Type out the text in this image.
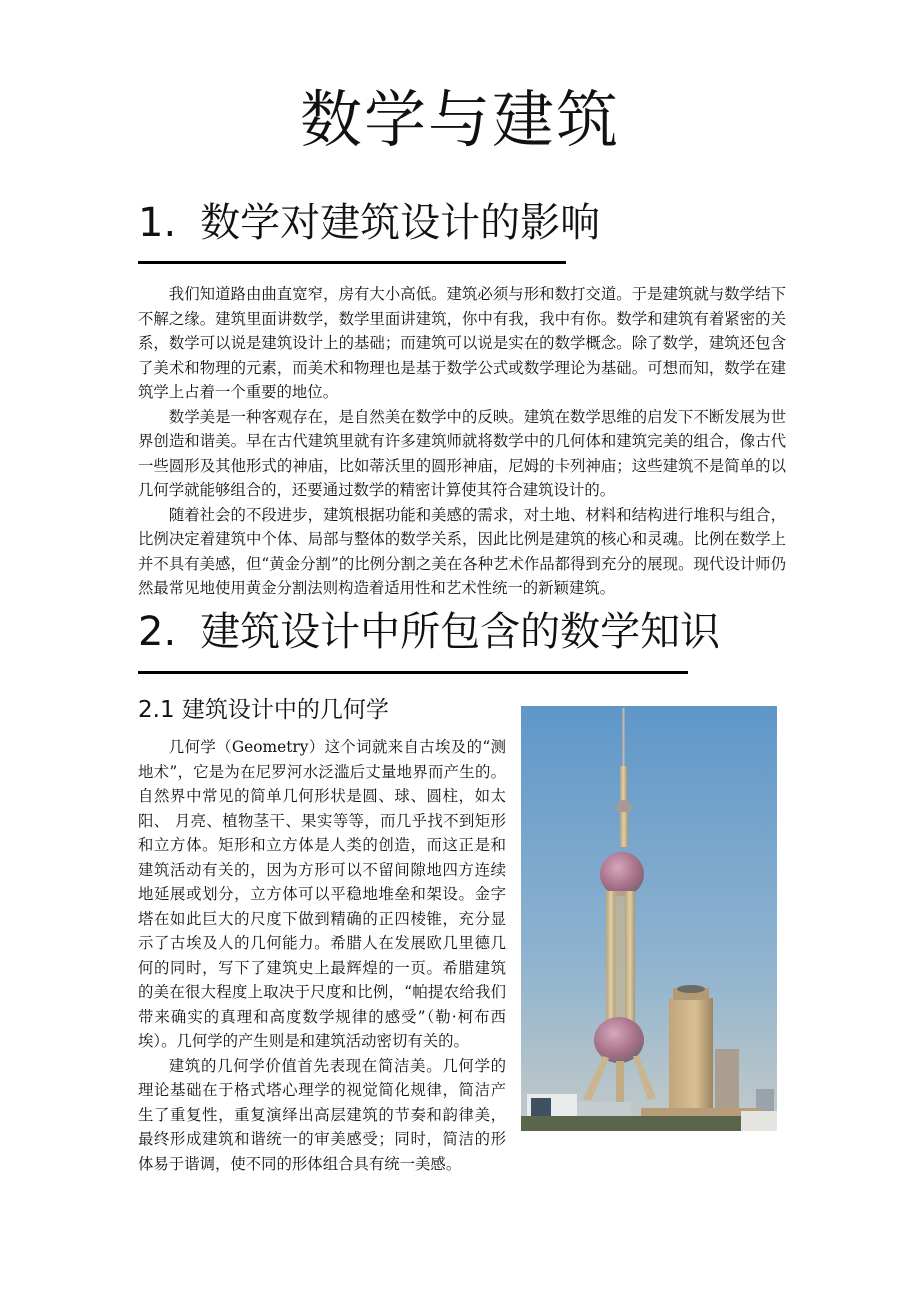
数学与建筑
1. 数学对建筑设计的影响

我们知道路由曲直宽窄，房有大小高低。建筑必须与形和数打交道。于是建筑就与数学结下不解之缘。建筑里面讲数学，数学里面讲建筑，你中有我，我中有你。数学和建筑有着紧密的关系，数学可以说是建筑设计上的基础；而建筑可以说是实在的数学概念。除了数学，建筑还包含了美术和物理的元素，而美术和物理也是基于数学公式或数学理论为基础。可想而知，数学在建筑学上占着一个重要的地位。

数学美是一种客观存在，是自然美在数学中的反映。建筑在数学思维的启发下不断发展为世界创造和谐美。早在古代建筑里就有许多建筑师就将数学中的几何体和建筑完美的组合，像古代一些圆形及其他形式的神庙，比如蒂沃里的圆形神庙，尼姆的卡列神庙；这些建筑不是简单的以几何学就能够组合的，还要通过数学的精密计算使其符合建筑设计的。

随着社会的不段进步，建筑根据功能和美感的需求，对土地、材料和结构进行堆积与组合，比例决定着建筑中个体、局部与整体的数学关系，因此比例是建筑的核心和灵魂。比例在数学上并不具有美感，但“黄金分割”的比例分割之美在各种艺术作品都得到充分的展现。现代设计师仍然最常见地使用黄金分割法则构造着适用性和艺术性统一的新颖建筑。

2. 建筑设计中所包含的数学知识
2.1 建筑设计中的几何学

几何学（Geometry）这个词就来自古埃及的“测地术”，它是为在尼罗河水泛滥后丈量地界而产生的。自然界中常见的简单几何形状是圆、球、圆柱，如太阳、 月亮、植物茎干、果实等等，而几乎找不到矩形和立方体。矩形和立方体是人类的创造，而这正是和建筑活动有关的，因为方形可以不留间隙地四方连续地延展或划分，立方体可以平稳地堆垒和架设。金字塔在如此巨大的尺度下做到精确的正四棱锥，充分显示了古埃及人的几何能力。希腊人在发展欧几里德几何的同时，写下了建筑史上最辉煌的一页。希腊建筑的美在很大程度上取决于尺度和比例，“帕提农给我们带来确实的真理和高度数学规律的感受”（勒·柯布西埃）。几何学的产生则是和建筑活动密切有关的。

建筑的几何学价值首先表现在简洁美。几何学的理论基础在于格式塔心理学的视觉简化规律，简洁产生了重复性，重复演绎出高层建筑的节奏和韵律美，最终形成建筑和谐统一的审美感受；同时，简洁的形体易于谐调，使不同的形体组合具有统一美感。
